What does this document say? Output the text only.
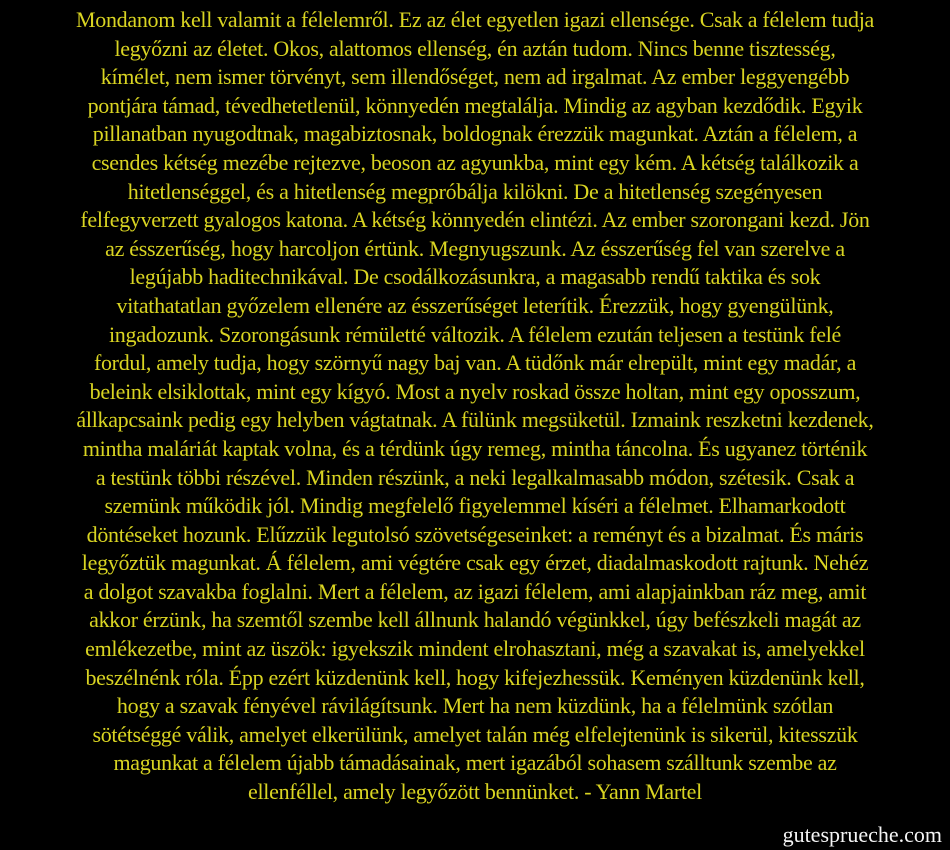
Mondanom kell valamit a félelemről. Ez az élet egyetlen igazi ellensége. Csak a félelem tudja
legyőzni az életet. Okos, alattomos ellenség, én aztán tudom. Nincs benne tisztesség,
kímélet, nem ismer törvényt, sem illendőséget, nem ad irgalmat. Az ember leggyengébb
pontjára támad, tévedhetetlenül, könnyedén megtalálja. Mindig az agyban kezdődik. Egyik
pillanatban nyugodtnak, magabiztosnak, boldognak érezzük magunkat. Aztán a félelem, a
csendes kétség mezébe rejtezve, beoson az agyunkba, mint egy kém. A kétség találkozik a
hitetlenséggel, és a hitetlenség megpróbálja kilökni. De a hitetlenség szegényesen
felfegyverzett gyalogos katona. A kétség könnyedén elintézi. Az ember szorongani kezd. Jön
az ésszerűség, hogy harcoljon értünk. Megnyugszunk. Az ésszerűség fel van szerelve a
legújabb haditechnikával. De csodálkozásunkra, a magasabb rendű taktika és sok
vitathatatlan győzelem ellenére az ésszerűséget leterítik. Érezzük, hogy gyengülünk,
ingadozunk. Szorongásunk rémületté változik. A félelem ezután teljesen a testünk felé
fordul, amely tudja, hogy szörnyű nagy baj van. A tüdőnk már elrepült, mint egy madár, a
beleink elsiklottak, mint egy kígyó. Most a nyelv roskad össze holtan, mint egy oposszum,
állkapcsaink pedig egy helyben vágtatnak. A fülünk megsüketül. Izmaink reszketni kezdenek,
mintha maláriát kaptak volna, és a térdünk úgy remeg, mintha táncolna. És ugyanez történik
a testünk többi részével. Minden részünk, a neki legalkalmasabb módon, szétesik. Csak a
szemünk működik jól. Mindig megfelelő figyelemmel kíséri a félelmet. Elhamarkodott
döntéseket hozunk. Elűzzük legutolsó szövetségeseinket: a reményt és a bizalmat. És máris
legyőztük magunkat. Á félelem, ami végtére csak egy érzet, diadalmaskodott rajtunk. Nehéz
a dolgot szavakba foglalni. Mert a félelem, az igazi félelem, ami alapjainkban ráz meg, amit
akkor érzünk, ha szemtől szembe kell állnunk halandó végünkkel, úgy befészkeli magát az
emlékezetbe, mint az üszök: igyekszik mindent elrohasztani, még a szavakat is, amelyekkel
beszélnénk róla. Épp ezért küzdenünk kell, hogy kifejezhessük. Keményen küzdenünk kell,
hogy a szavak fényével rávilágítsunk. Mert ha nem küzdünk, ha a félelmünk szótlan
sötétséggé válik, amelyet elkerülünk, amelyet talán még elfelejtenünk is sikerül, kitesszük
magunkat a félelem újabb támadásainak, mert igazából sohasem szálltunk szembe az
ellenféllel, amely legyőzött bennünket. - Yann Martel
gutesprueche.com
